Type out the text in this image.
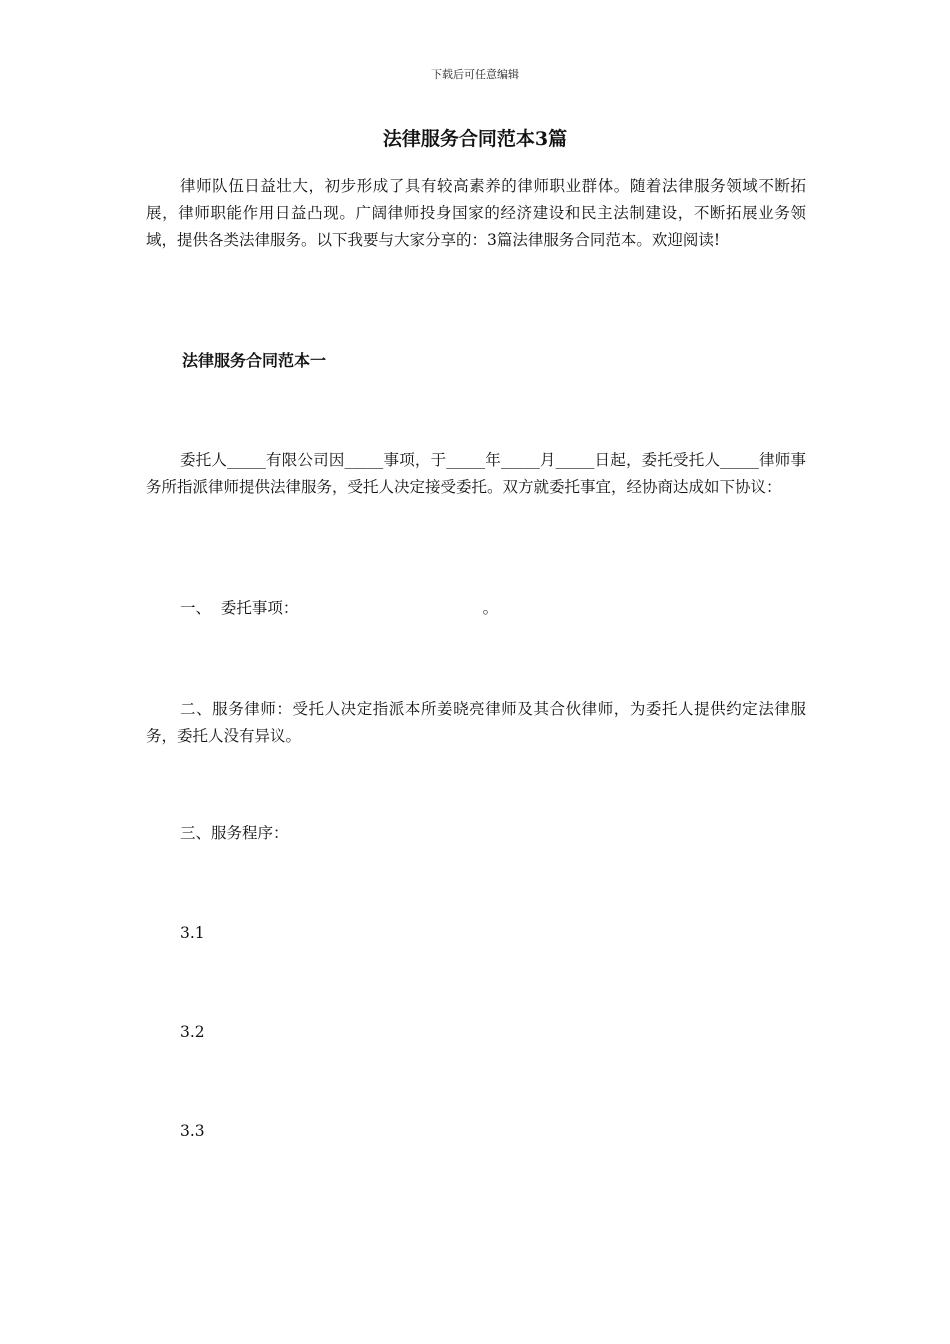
下载后可任意编辑
法律服务合同范本3篇

律师队伍日益壮大，初步形成了具有较高素养的律师职业群体。随着法律服务领域不断拓展，律师职能作用日益凸现。广阔律师投身国家的经济建设和民主法制建设，不断拓展业务领域，提供各类法律服务。以下我要与大家分享的：3篇法律服务合同范本。欢迎阅读!

法律服务合同范本一

委托人_____有限公司因_____事项，于_____年_____月_____日起，委托受托人_____律师事务所指派律师提供法律服务，受托人决定接受委托。双方就委托事宜，经协商达成如下协议：

一、  委托事项：	。

二、服务律师：受托人决定指派本所姜晓亮律师及其合伙律师，为委托人提供约定法律服务，委托人没有异议。

三、服务程序：

3.1

3.2

3.3
